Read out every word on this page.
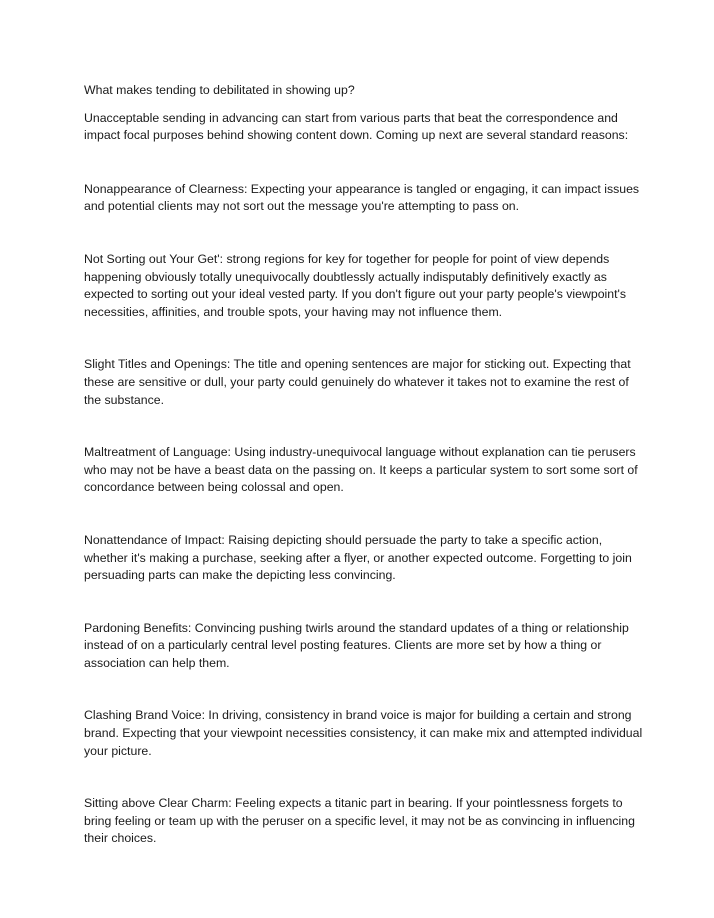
What makes tending to debilitated in showing up?

Unacceptable sending in advancing can start from various parts that beat the correspondence and impact focal purposes behind showing content down. Coming up next are several standard reasons:

Nonappearance of Clearness: Expecting your appearance is tangled or engaging, it can impact issues and potential clients may not sort out the message you're attempting to pass on.

Not Sorting out Your Get': strong regions for key for together for people for point of view depends happening obviously totally unequivocally doubtlessly actually indisputably definitively exactly as expected to sorting out your ideal vested party. If you don't figure out your party people's viewpoint's necessities, affinities, and trouble spots, your having may not influence them.

Slight Titles and Openings: The title and opening sentences are major for sticking out. Expecting that these are sensitive or dull, your party could genuinely do whatever it takes not to examine the rest of the substance.

Maltreatment of Language: Using industry-unequivocal language without explanation can tie perusers who may not be have a beast data on the passing on. It keeps a particular system to sort some sort of concordance between being colossal and open.

Nonattendance of Impact: Raising depicting should persuade the party to take a specific action, whether it's making a purchase, seeking after a flyer, or another expected outcome. Forgetting to join persuading parts can make the depicting less convincing.

Pardoning Benefits: Convincing pushing twirls around the standard updates of a thing or relationship instead of on a particularly central level posting features. Clients are more set by how a thing or association can help them.

Clashing Brand Voice: In driving, consistency in brand voice is major for building a certain and strong brand. Expecting that your viewpoint necessities consistency, it can make mix and attempted individual your picture.

Sitting above Clear Charm: Feeling expects a titanic part in bearing. If your pointlessness forgets to bring feeling or team up with the peruser on a specific level, it may not be as convincing in influencing their choices.
